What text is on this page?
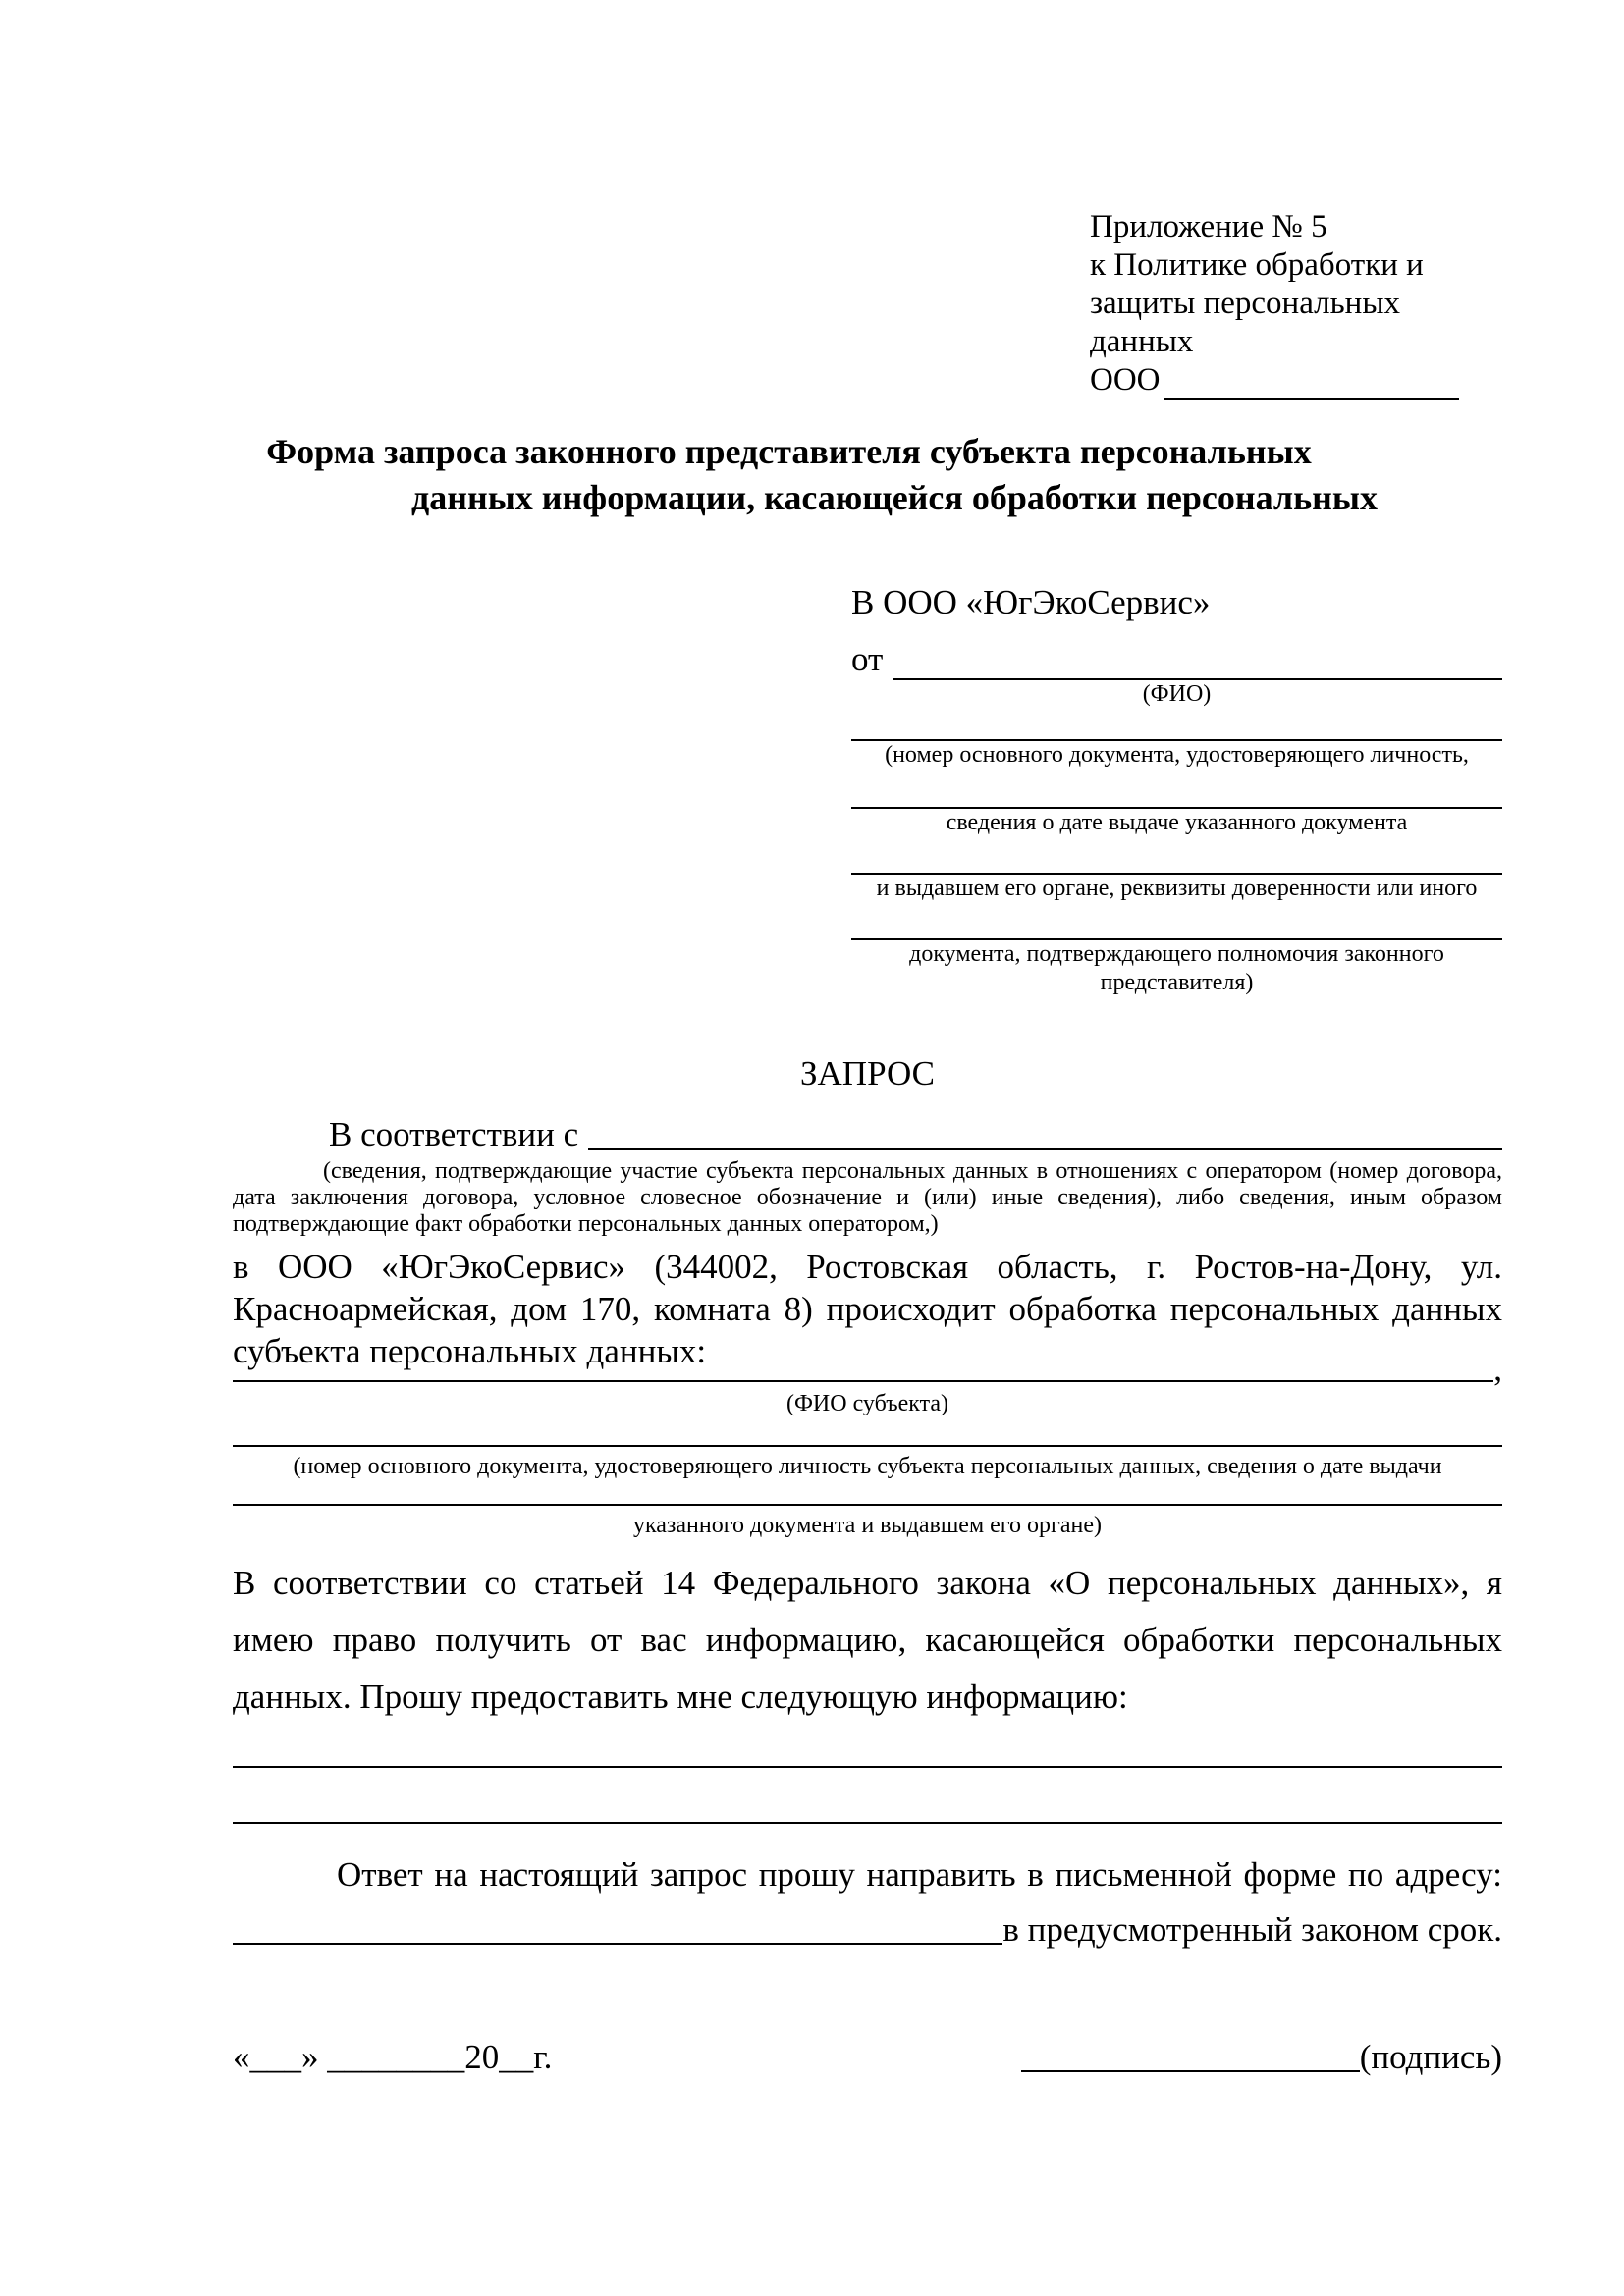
Приложение № 5
к Политике обработки и
защиты персональных данных
ООО
Форма запроса законного представителя субъекта персональных
данных информации, касающейся обработки персональных
В ООО «ЮгЭкоСервис»
от
(ФИО)
(номер основного документа, удостоверяющего личность,
сведения о дате выдаче указанного документа
и выдавшем его органе, реквизиты доверенности или иного
документа, подтверждающего полномочия законного представителя)
ЗАПРОС
В соответствии с
(сведения, подтверждающие участие субъекта персональных данных в отношениях с оператором (номер договора, дата заключения договора, условное словесное обозначение и (или) иные сведения), либо сведения, иным образом подтверждающие факт обработки персональных данных оператором,)
в ООО «ЮгЭкоСервис» (344002, Ростовская область, г. Ростов-на-Дону, ул. Красноармейская, дом 170, комната 8) происходит обработка персональных данных субъекта персональных данных:	,
(ФИО субъекта)
(номер основного документа, удостоверяющего личность субъекта персональных данных, сведения о дате выдачи
указанного документа и выдавшем его органе)
В соответствии со статьей 14 Федерального закона «О персональных данных», я имею право получить от вас информацию, касающейся обработки персональных данных. Прошу предоставить мне следующую информацию:
Ответ на настоящий запрос прошу направить в письменной форме по адресу:
в предусмотренный законом срок.
«___» ________20__г.	(подпись)
